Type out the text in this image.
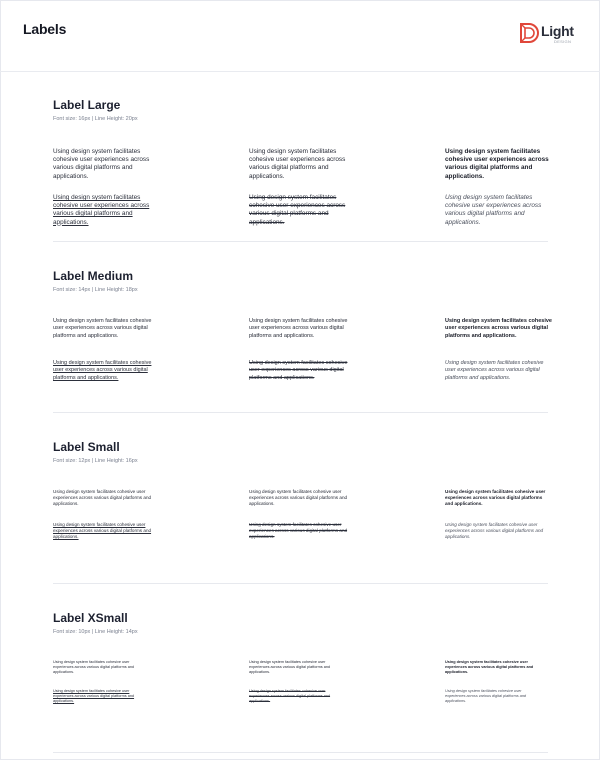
Labels	Light
DESIGN
Label Large
Font size: 16px | Line Height: 20px
Using design system facilitates cohesive user experiences across various digital platforms and applications.
Using design system facilitates cohesive user experiences across various digital platforms and applications.
Using design system facilitates cohesive user experiences across various digital platforms and applications.
Using design system facilitates cohesive user experiences across various digital platforms and applications.
Using design system facilitates cohesive user experiences across various digital platforms and applications.
Using design system facilitates cohesive user experiences across various digital platforms and applications.
Label Medium
Font size: 14px | Line Height: 18px
Using design system facilitates cohesive user experiences across various digital platforms and applications.
Using design system facilitates cohesive user experiences across various digital platforms and applications.
Using design system facilitates cohesive user experiences across various digital platforms and applications.
Using design system facilitates cohesive user experiences across various digital platforms and applications.
Using design system facilitates cohesive user experiences across various digital platforms and applications.
Using design system facilitates cohesive user experiences across various digital platforms and applications.
Label Small
Font size: 12px | Line Height: 16px
Using design system facilitates cohesive user experiences across various digital platforms and applications.
Using design system facilitates cohesive user experiences across various digital platforms and applications.
Using design system facilitates cohesive user experiences across various digital platforms and applications.
Using design system facilitates cohesive user experiences across various digital platforms and applications.
Using design system facilitates cohesive user experiences across various digital platforms and applications.
Using design system facilitates cohesive user experiences across various digital platforms and applications.
Label XSmall
Font size: 10px | Line Height: 14px
Using design system facilitates cohesive user experiences across various digital platforms and applications.
Using design system facilitates cohesive user experiences across various digital platforms and applications.
Using design system facilitates cohesive user experiences across various digital platforms and applications.
Using design system facilitates cohesive user experiences across various digital platforms and applications.
Using design system facilitates cohesive user experiences across various digital platforms and applications.
Using design system facilitates cohesive user experiences across various digital platforms and applications.
